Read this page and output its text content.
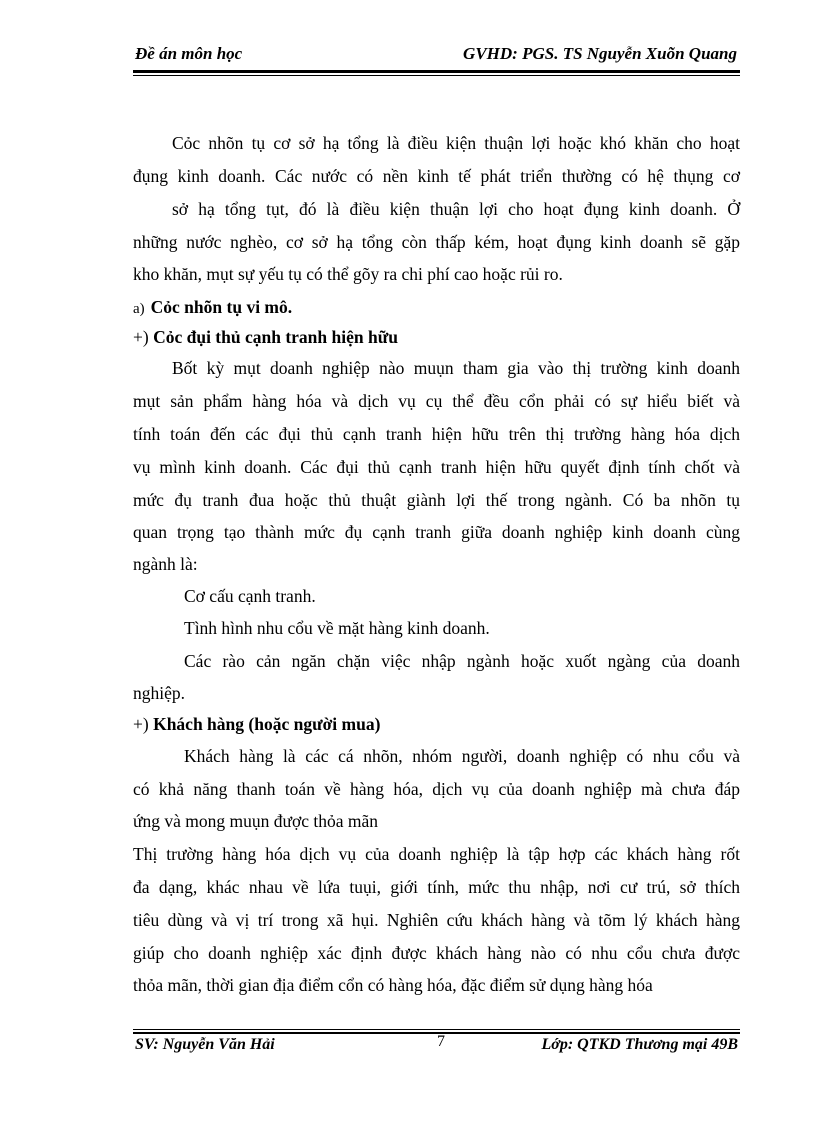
Đề án môn học	GVHD: PGS. TS Nguyễn Xuõn Quang
Cỏc nhõn tụ cơ sở hạ tổng là điều kiện thuận lợi hoặc khó khăn cho hoạt
đụng kinh doanh. Các nước có nền kinh tế phát triển thường có hệ thụng cơ
sở hạ tổng tụt, đó là điều kiện thuận lợi cho hoạt đụng kinh doanh. Ở
những nước nghèo, cơ sở hạ tổng còn thấp kém, hoạt đụng kinh doanh sẽ gặp
kho khăn, mụt sự yếu tụ có thể gõy ra chi phí cao hoặc rủi ro.
a) Cỏc nhõn tụ vi mô.
+) Cỏc đụi thủ cạnh tranh hiện hữu
Bốt kỳ mụt doanh nghiệp nào muụn tham gia vào thị trường kinh doanh
mụt sản phẩm hàng hóa và dịch vụ cụ thể đều cổn phải có sự hiểu biết và
tính toán đến các đụi thủ cạnh tranh hiện hữu trên thị trường hàng hóa dịch
vụ mình kinh doanh. Các đụi thủ cạnh tranh hiện hữu quyết định tính chốt và
mức đụ tranh đua hoặc thủ thuật giành lợi thế trong ngành. Có ba nhõn tụ
quan trọng tạo thành mức đụ cạnh tranh giữa doanh nghiệp kinh doanh cùng
ngành là:
Cơ cấu cạnh tranh.
Tình hình nhu cổu về mặt hàng kinh doanh.
Các rào cản ngăn chặn việc nhập ngành hoặc xuốt ngàng của doanh
nghiệp.
+) Khách hàng (hoặc người mua)
Khách hàng là các cá nhõn, nhóm người, doanh nghiệp có nhu cổu và
có khả năng thanh toán về hàng hóa, dịch vụ của doanh nghiệp mà chưa đáp
ứng và mong muụn được thỏa mãn
Thị trường hàng hóa dịch vụ của doanh nghiệp là tập hợp các khách hàng rốt
đa dạng, khác nhau về lứa tuụi, giới tính, mức thu nhập, nơi cư trú, sở thích
tiêu dùng và vị trí trong xã hụi. Nghiên cứu khách hàng và tõm lý khách hàng
giúp cho doanh nghiệp xác định được khách hàng nào có nhu cổu chưa được
thỏa mãn, thời gian địa điểm cổn có hàng hóa, đặc điểm sử dụng hàng hóa
SV: Nguyễn Văn Hải	7	Lớp: QTKD Thương mại 49B
